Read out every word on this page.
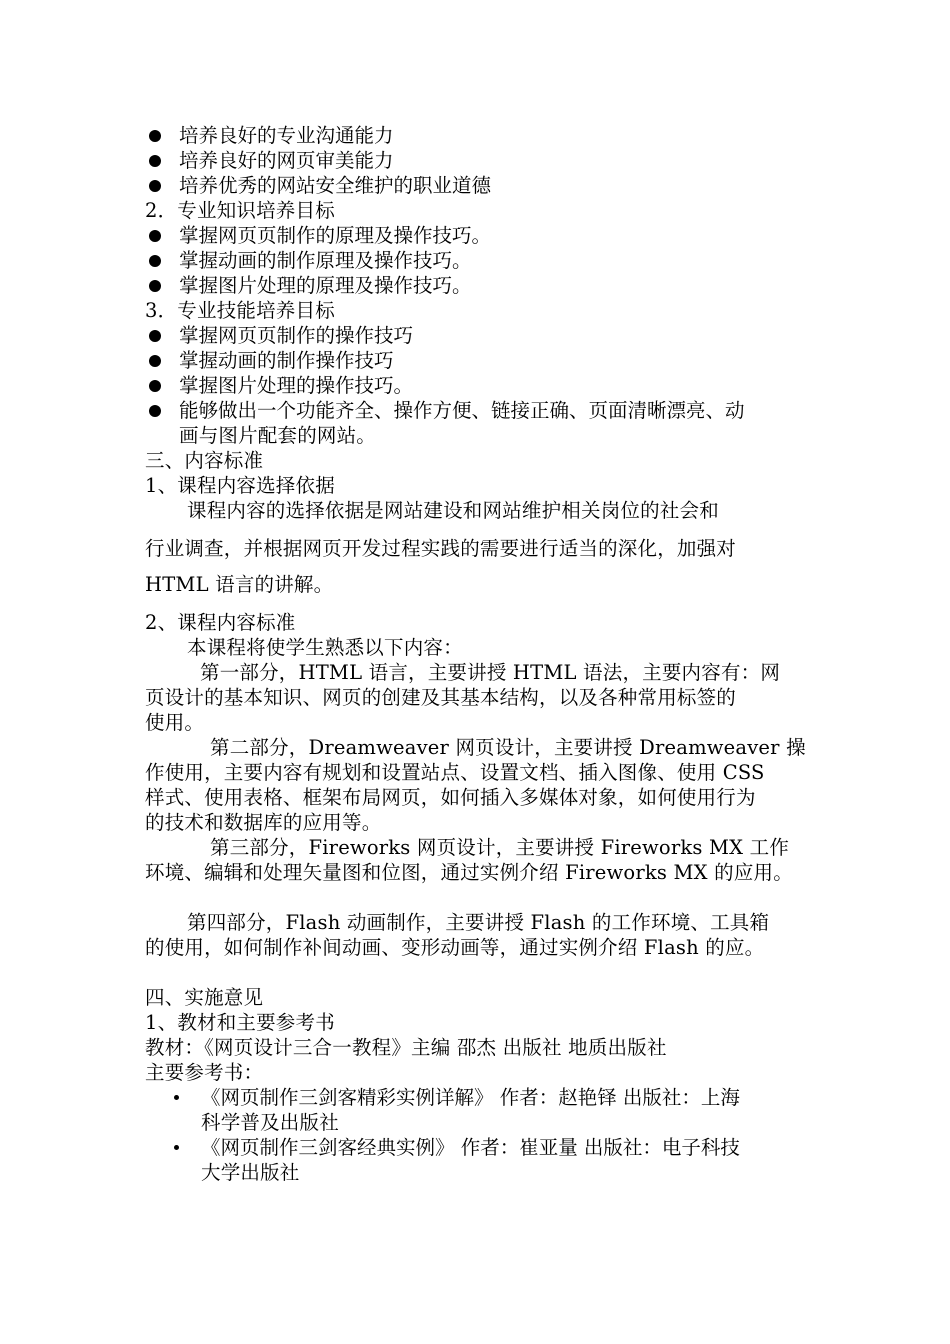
培养良好的专业沟通能力
培养良好的网页审美能力
培养优秀的网站安全维护的职业道德
2．专业知识培养目标
掌握网页页制作的原理及操作技巧。
掌握动画的制作原理及操作技巧。
掌握图片处理的原理及操作技巧。
3．专业技能培养目标
掌握网页页制作的操作技巧
掌握动画的制作操作技巧
掌握图片处理的操作技巧。
能够做出一个功能齐全、操作方便、链接正确、页面清晰漂亮、动
画与图片配套的网站。
三、内容标准
1、课程内容选择依据
课程内容的选择依据是网站建设和网站维护相关岗位的社会和
行业调查，并根据网页开发过程实践的需要进行适当的深化，加强对
HTML 语言的讲解。
2、课程内容标准
本课程将使学生熟悉以下内容：
第一部分，HTML 语言，主要讲授 HTML 语法，主要内容有：网
页设计的基本知识、网页的创建及其基本结构，以及各种常用标签的
使用。
第二部分，Dreamweaver 网页设计，主要讲授 Dreamweaver 操
作使用，主要内容有规划和设置站点、设置文档、插入图像、使用 CSS
样式、使用表格、框架布局网页，如何插入多媒体对象，如何使用行为
的技术和数据库的应用等。
第三部分，Fireworks 网页设计，主要讲授 Fireworks MX 工作
环境、编辑和处理矢量图和位图，通过实例介绍 Fireworks MX 的应用。
第四部分，Flash 动画制作，主要讲授 Flash 的工作环境、工具箱
的使用，如何制作补间动画、变形动画等，通过实例介绍 Flash 的应。
四、实施意见
1、教材和主要参考书
教材：《网页设计三合一教程》主编 邵杰 出版社 地质出版社
主要参考书：
《网页制作三剑客精彩实例详解》 作者：赵艳铎 出版社：上海
科学普及出版社
《网页制作三剑客经典实例》 作者：崔亚量 出版社：电子科技
大学出版社
